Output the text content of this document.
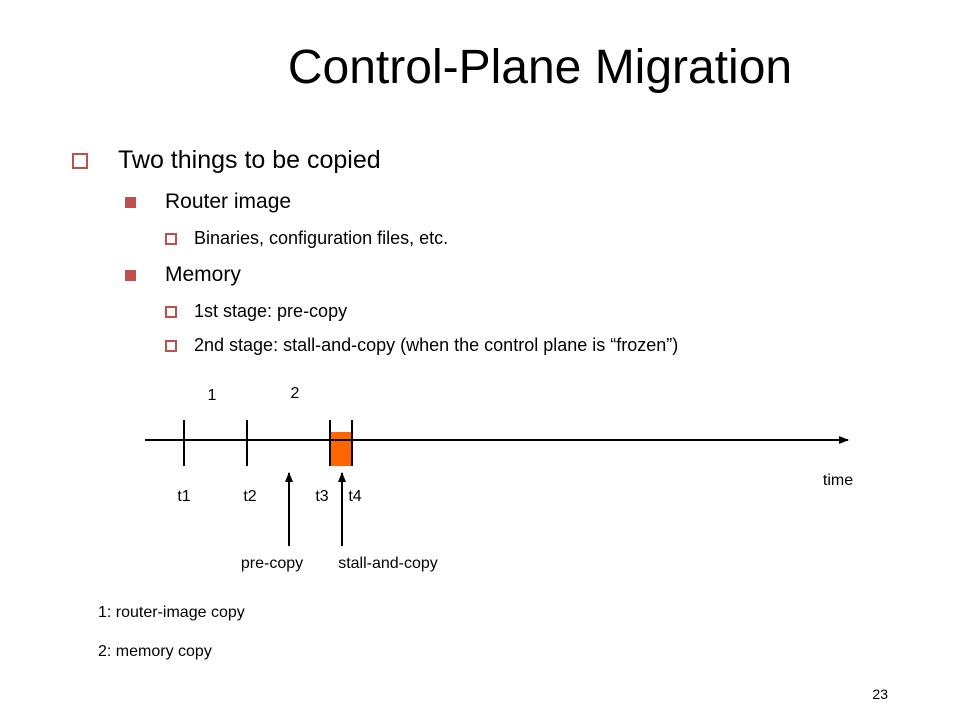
Control-Plane Migration
Two things to be copied
Router image
Binaries, configuration files, etc.
Memory
1st stage: pre-copy
2nd stage: stall-and-copy (when the control plane is “frozen”)
1	2
t1	t2	t3 t4
time
pre-copy stall-and-copy
1: router-image copy
2: memory copy
23
